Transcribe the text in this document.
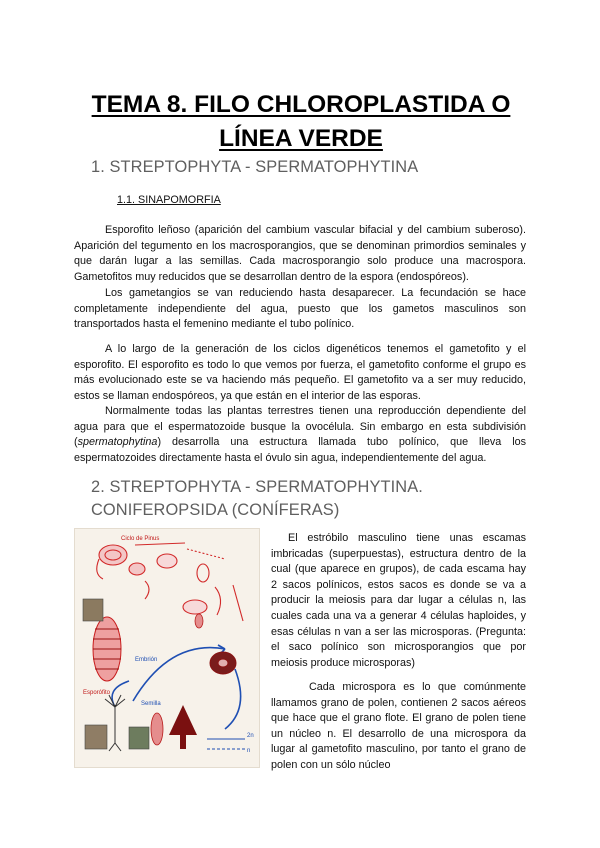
TEMA 8. FILO CHLOROPLASTIDA O
LÍNEA VERDE
1. STREPTOPHYTA - SPERMATOPHYTINA
1.1. SINAPOMORFIA

Esporofito leñoso (aparición del cambium vascular bifacial y del cambium suberoso). Aparición del tegumento en los macrosporangios, que se denominan primordios seminales y que darán lugar a las semillas. Cada macrosporangio solo produce una macrospora. Gametofitos muy reducidos que se desarrollan dentro de la espora (endospóreos).

Los gametangios se van reduciendo hasta desaparecer. La fecundación se hace completamente independiente del agua, puesto que los gametos masculinos son transportados hasta el femenino mediante el tubo polínico.

A lo largo de la generación de los ciclos digenéticos tenemos el gametofito y el esporofito. El esporofito es todo lo que vemos por fuerza, el gametofito conforme el grupo es más evolucionado este se va haciendo más pequeño. El gametofito va a ser muy reducido, estos se llaman endospóreos, ya que están en el interior de las esporas.

Normalmente todas las plantas terrestres tienen una reproducción dependiente del agua para que el espermatozoide busque la ovocélula. Sin embargo en esta subdivisión (spermatophytina) desarrolla una estructura llamada tubo polínico, que lleva los espermatozoides directamente hasta el óvulo sin agua, independientemente del agua.

2. STREPTOPHYTA - SPERMATOPHYTINA. CONIFEROPSIDA (CONÍFERAS)
Ciclo de Pinus
Esporófito
Semilla
Embrión
2n
n

El estróbilo masculino tiene unas escamas imbricadas (superpuestas), estructura dentro de la cual (que aparece en grupos), de cada escama hay 2 sacos polínicos, estos sacos es donde se va a producir la meiosis para dar lugar a células n, las cuales cada una va a generar 4 células haploides, y esas células n van a ser las microsporas. (Pregunta: el saco polínico son microsporangios que por meiosis produce microsporas)

Cada microspora es lo que comúnmente llamamos grano de polen, contienen 2 sacos aéreos que hace que el grano flote. El grano de polen tiene un núcleo n. El desarrollo de una microspora da lugar al gametofito masculino, por tanto el grano de polen con un sólo núcleo
